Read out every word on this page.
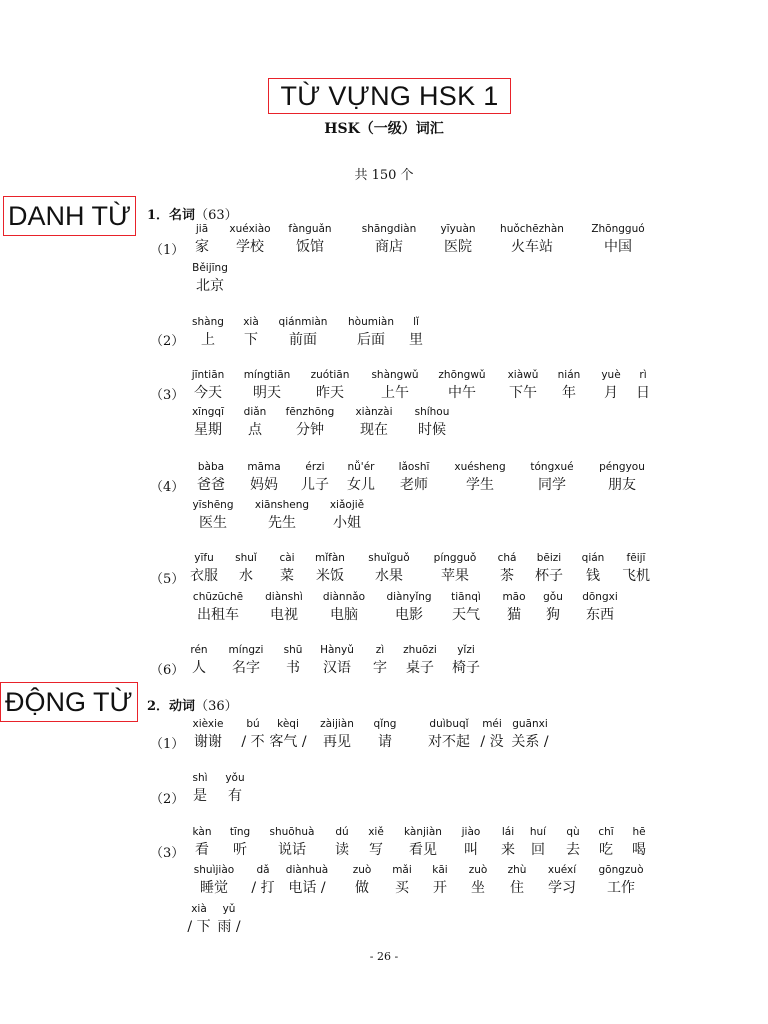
TỪ VỰNG HSK 1
HSK（一级）词汇
共 150 个
DANH TỪ
ĐỘNG TỪ
1．名词（63）
2．动词（36）
（1）
（2）
（3）
（4）
（5）
（6）
（1）
（2）
（3）
jiā
家
xuéxiào
学校
fànguǎn
饭馆
shāngdiàn
商店
yīyuàn
医院
huǒchēzhàn
火车站
Zhōngguó
中国
Běijīng
北京
shàng
上
xià
下
qiánmiàn
前面
hòumiàn
后面
lǐ
里
jīntiān
今天
míngtiān
明天
zuótiān
昨天
shàngwǔ
上午
zhōngwǔ
中午
xiàwǔ
下午
nián
年
yuè
月
rì
日
xīngqī
星期
diǎn
点
fēnzhōng
分钟
xiànzài
现在
shíhou
时候
bàba
爸爸
māma
妈妈
érzi
儿子
nǚ'ér
女儿
lǎoshī
老师
xuésheng
学生
tóngxué
同学
péngyou
朋友
yīshēng
医生
xiānsheng
先生
xiǎojiě
小姐
yīfu
衣服
shuǐ
水
cài
菜
mǐfàn
米饭
shuǐguǒ
水果
píngguǒ
苹果
chá
茶
bēizi
杯子
qián
钱
fēijī
飞机
chūzūchē
出租车
diànshì
电视
diànnǎo
电脑
diànyǐng
电影
tiānqì
天气
māo
猫
gǒu
狗
dōngxi
东西
rén
人
míngzi
名字
shū
书
Hànyǔ
汉语
zì
字
zhuōzi
桌子
yǐzi
椅子
xièxie
谢谢
bú
/ 不
kèqi
客气 /
zàijiàn
再见
qǐng
请
duìbuqǐ
对不起
méi
/ 没
guānxi
关系 /
shì
是
yǒu
有
kàn
看
tīng
听
shuōhuà
说话
dú
读
xiě
写
kànjiàn
看见
jiào
叫
lái
来
huí
回
qù
去
chī
吃
hē
喝
shuìjiào
睡觉
dǎ
/ 打
diànhuà
电话 /
zuò
做
mǎi
买
kāi
开
zuò
坐
zhù
住
xuéxí
学习
gōngzuò
工作
xià
/ 下
yǔ
雨 /
- 26 -
